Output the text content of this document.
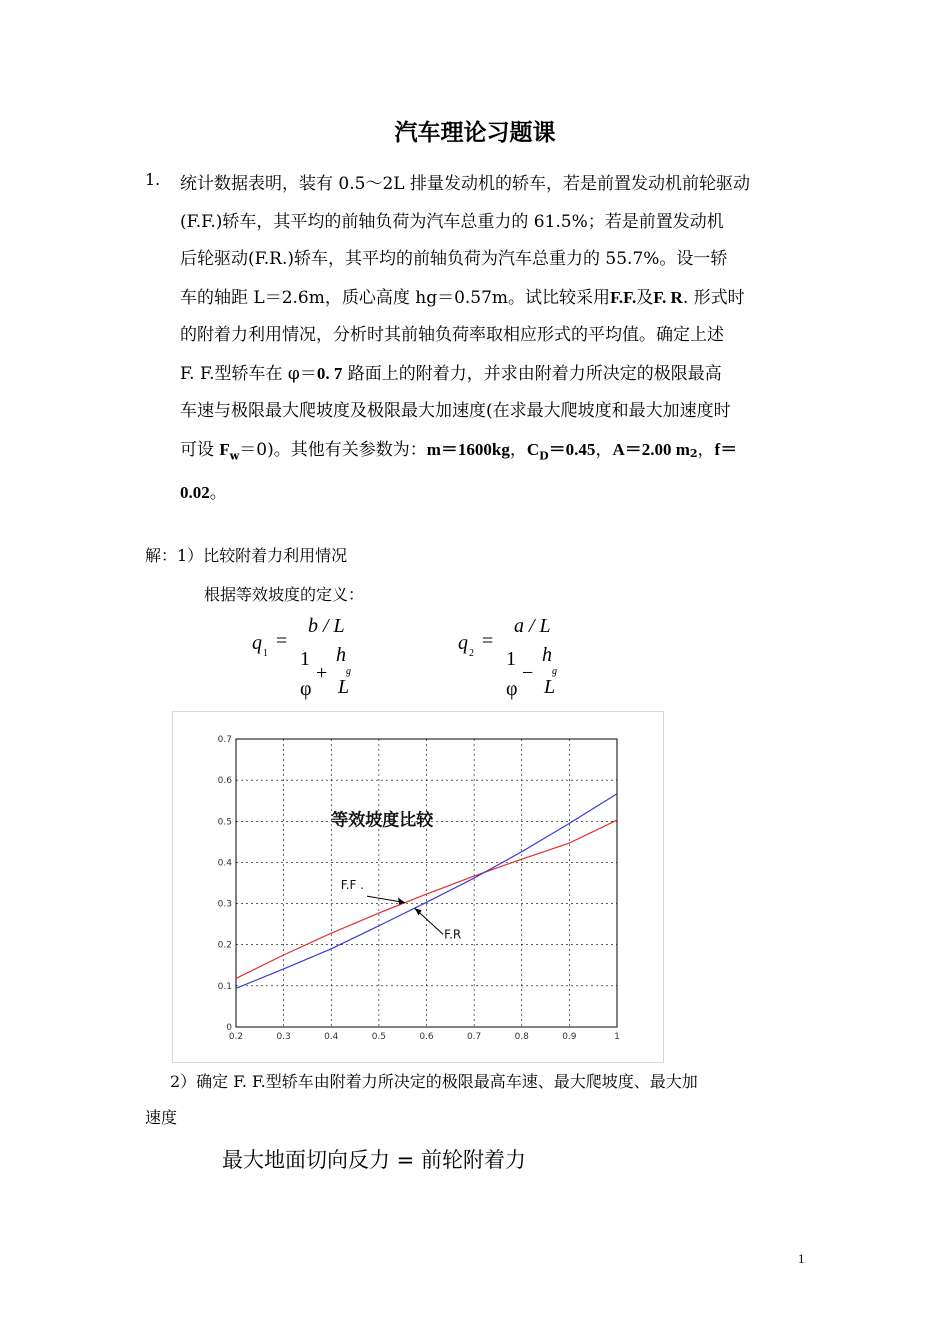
汽车理论习题课
1. 统计数据表明，装有 0.5～2L 排量发动机的轿车，若是前置发动机前轮驱动
(F.F.)轿车，其平均的前轴负荷为汽车总重力的 61.5%；若是前置发动机
后轮驱动(F.R.)轿车，其平均的前轴负荷为汽车总重力的 55.7%。设一轿
车的轴距 L＝2.6m，质心高度 hg＝0.57m。试比较采用F.F.及F. R. 形式时
的附着力利用情况，分析时其前轴负荷率取相应形式的平均值。确定上述
F. F.型轿车在 φ＝0. 7 路面上的附着力，并求由附着力所决定的极限最高
车速与极限最大爬坡度及极限最大加速度(在求最大爬坡度和最大加速度时
可设 $F_w=0$)。其他有关参数为：m＝1600kg，$C_D=0.45$，A＝2.00 m2，f＝
0.02。
解：1）比较附着力利用情况
根据等效坡度的定义：
q 1
=
b / L
1 h
+ g
φ L
q 2
=
a / L
1 h
− g
φ L
0.2	0.3	0.4	0.5	0.6	0.7	0.8	0.9	1
0
0.1
0.2
0.3
0.4
0.5
0.6
0.7
等效坡度比较
F.F .
F.R
2）确定 F. F.型轿车由附着力所决定的极限最高车速、最大爬坡度、最大加
速度
最大地面切向反力 = 前轮附着力
1
